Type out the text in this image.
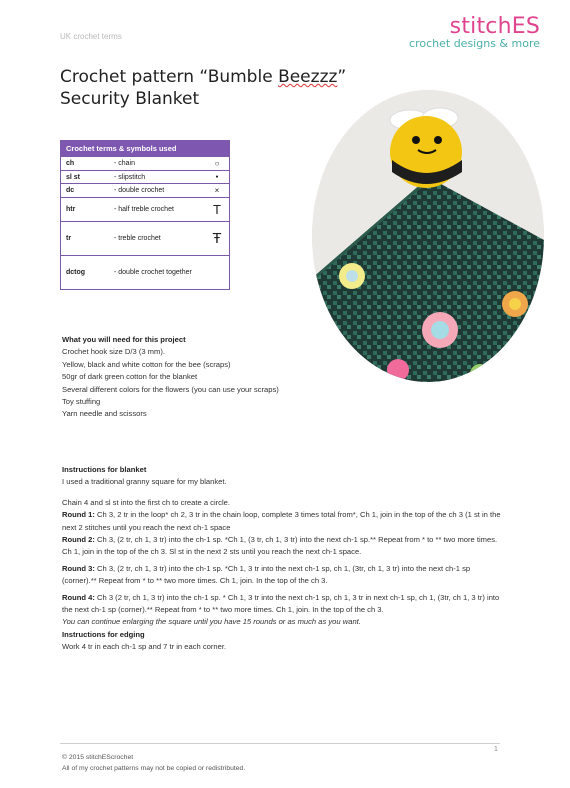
UK crochet terms	stitchES
crochet designs & more
Crochet pattern “Bumble Beezzz”
Security Blanket
Crochet terms & symbols used		
ch	- chain	○
sl st	- slipstitch	●
dc	- double crochet	×
htr	- half treble crochet	T
tr	- treble crochet	Ŧ
dctog	- double crochet together	
What you will need for this project
Crochet hook size D/3 (3 mm).
Yellow, black and white cotton for the bee (scraps)
50gr of dark green cotton for the blanket
Several different colors for the flowers (you can use your scraps)
Toy stuffing
Yarn needle and scissors
Instructions for blanket
I used a traditional granny square for my blanket.
Chain 4 and sl st into the first ch to create a circle.
Round 1: Ch 3, 2 tr in the loop* ch 2, 3 tr in the chain loop, complete 3 times total from*, Ch 1, join in the top of the ch 3 (1 st in the next 2 stitches until you reach the next ch-1 space
Round 2: Ch 3, (2 tr, ch 1, 3 tr) into the ch-1 sp. *Ch 1, (3 tr, ch 1, 3 tr) into the next ch-1 sp.** Repeat from * to ** two more times. Ch 1, join in the top of the ch 3. Sl st in the next 2 sts until you reach the next ch-1 space.
Round 3: Ch 3, (2 tr, ch 1, 3 tr) into the ch-1 sp. *Ch 1, 3 tr into the next ch-1 sp, ch 1, (3tr, ch 1, 3 tr) into the next ch-1 sp (corner).** Repeat from * to ** two more times. Ch 1, join. In the top of the ch 3.
Round 4: Ch 3 (2 tr, ch 1, 3 tr) into the ch-1 sp. * Ch 1, 3 tr into the next ch-1 sp, ch 1, 3 tr in next ch-1 sp, ch 1, (3tr, ch 1, 3 tr) into the next ch-1 sp (corner).** Repeat from * to ** two more times. Ch 1, join. In the top of the ch 3.
You can continue enlarging the square until you have 15 rounds or as much as you want.
Instructions for edging
Work 4 tr in each ch-1 sp and 7 tr in each corner.
1
© 2015 stitchEScrochet
All of my crochet patterns may not be copied or redistributed.
